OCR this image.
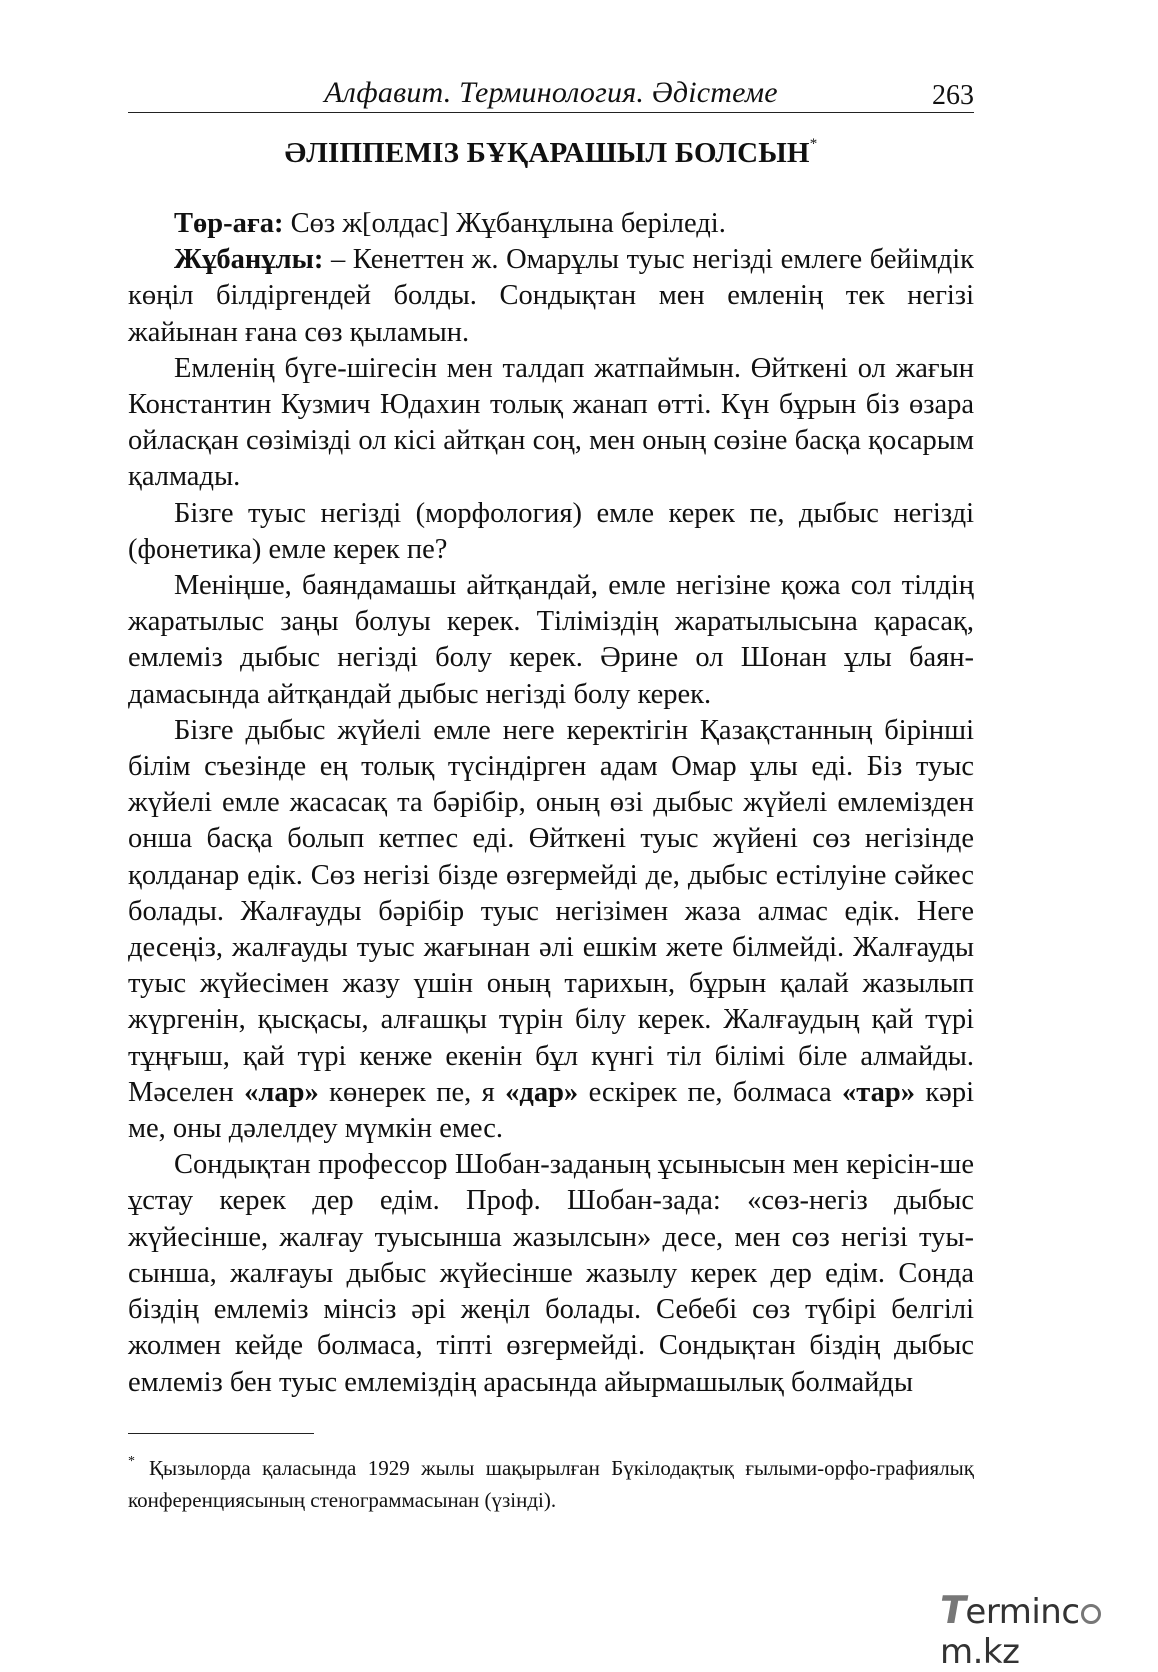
Алфавит. Терминология. Әдістеме	263
ӘЛІППЕМІЗ БҰҚАРАШЫЛ БОЛСЫН*

Төр-аға: Сөз ж[олдас] Жұбанұлына беріледі.

Жұбанұлы: – Кенеттен ж. Омарұлы туыс негізді емлеге бейімдік көңіл білдіргендей болды. Сондықтан мен емленің тек негізі жайынан ғана сөз қыламын.

Емленің бүге-шігесін мен талдап жатпаймын. Өйткені ол жағын Константин Кузмич Юдахин толық жанап өтті. Күн бұрын біз өзара ойласқан сөзімізді ол кісі айтқан соң, мен оның сөзіне басқа қосарым қалмады.

Бізге туыс негізді (морфология) емле керек пе, дыбыс негізді (фонетика) емле керек пе?

Меніңше, баяндамашы айтқандай, емле негізіне қожа сол тілдің жаратылыс заңы болуы керек. Тіліміздің жаратылысына қарасақ, емлеміз дыбыс негізді болу керек. Әрине ол Шонан ұлы баян-дамасында айтқандай дыбыс негізді болу керек.

Бізге дыбыс жүйелі емле неге керектігін Қазақстанның бірінші білім съезінде ең толық түсіндірген адам Омар ұлы еді. Біз туыс жүйелі емле жасасақ та бәрібір, оның өзі дыбыс жүйелі емлемізден онша басқа болып кетпес еді. Өйткені туыс жүйені сөз негізінде қолданар едік. Сөз негізі бізде өзгермейді де, дыбыс естілуіне сәйкес болады. Жалғауды бәрібір туыс негізімен жаза алмас едік. Неге десеңіз, жалғауды туыс жағынан әлі ешкім жете білмейді. Жалғауды туыс жүйесімен жазу үшін оның тарихын, бұрын қалай жазылып жүргенін, қысқасы, алғашқы түрін білу керек. Жалғаудың қай түрі тұңғыш, қай түрі кенже екенін бұл күнгі тіл білімі біле алмайды. Мәселен «лар» көнерек пе, я «дар» ескірек пе, болмаса «тар» кәрі ме, оны дәлелдеу мүмкін емес.

Сондықтан профессор Шобан-заданың ұсынысын мен керісін-ше ұстау керек дер едім. Проф. Шобан-зада: «сөз-негіз дыбыс жүйесінше, жалғау туысынша жазылсын» десе, мен сөз негізі туы-сынша, жалғауы дыбыс жүйесінше жазылу керек дер едім. Сонда біздің емлеміз мінсіз әрі жеңіл болады. Себебі сөз түбірі белгілі жолмен кейде болмаса, тіпті өзгермейді. Сондықтан біздің дыбыс емлеміз бен туыс емлеміздің арасында айырмашылық болмайды

* Қызылорда қаласында 1929 жылы шақырылған Бүкілодақтық ғылыми-орфо-графиялық конференциясының стенограммасынан (үзінді).
Termincm.kz
